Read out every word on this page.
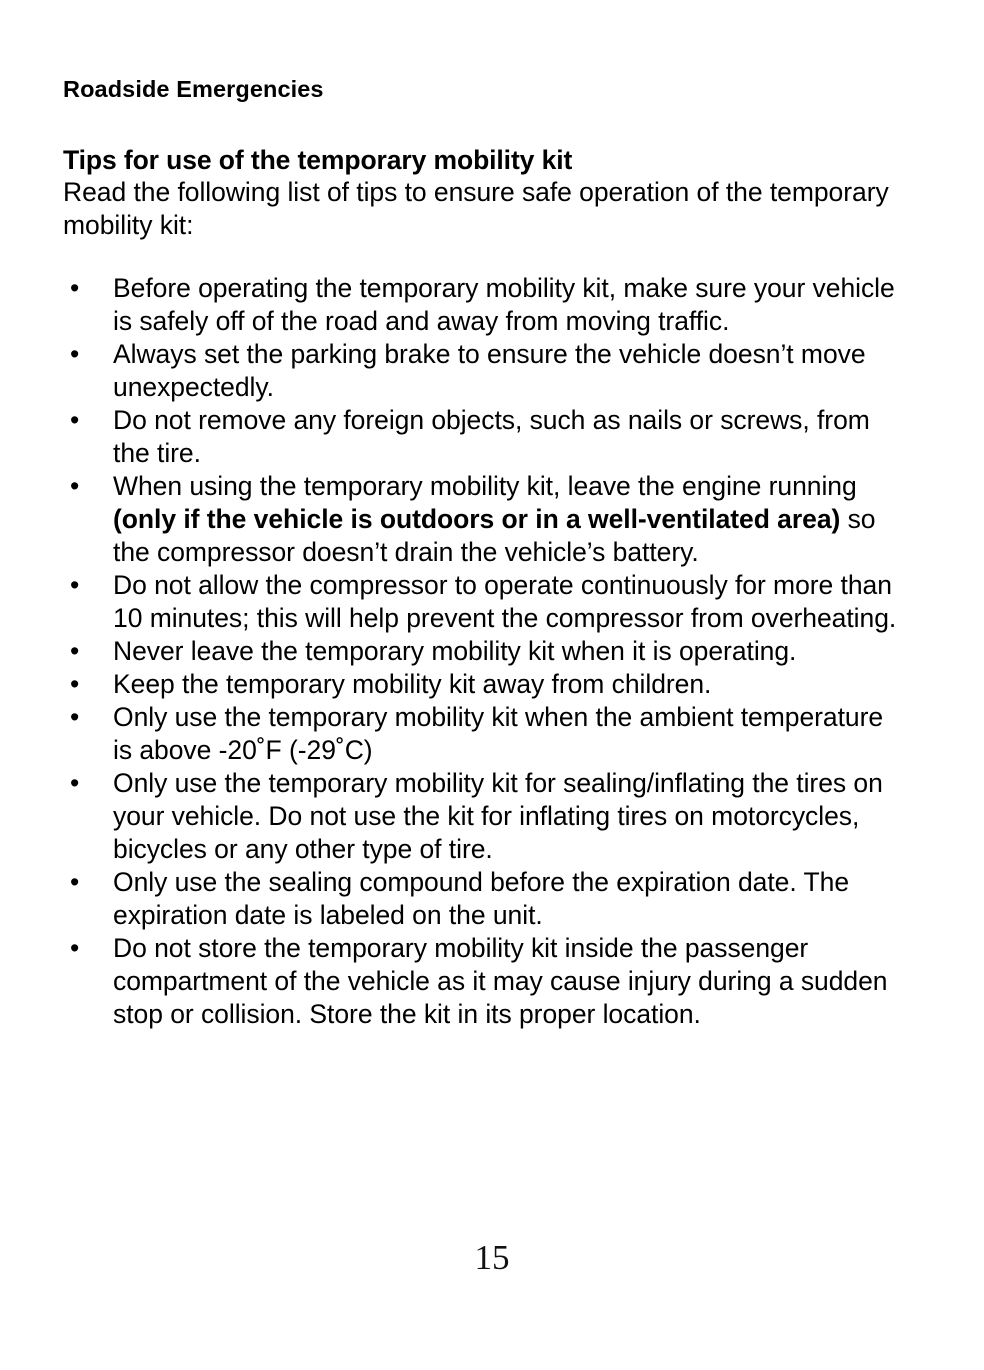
Roadside Emergencies
Tips for use of the temporary mobility kit

Read the following list of tips to ensure safe operation of the temporary mobility kit:

• Before operating the temporary mobility kit, make sure your vehicle is safely off of the road and away from moving traffic.
• Always set the parking brake to ensure the vehicle doesn’t move unexpectedly.
• Do not remove any foreign objects, such as nails or screws, from the tire.
• When using the temporary mobility kit, leave the engine running (only if the vehicle is outdoors or in a well-ventilated area) so the compressor doesn’t drain the vehicle’s battery.
• Do not allow the compressor to operate continuously for more than 10 minutes; this will help prevent the compressor from overheating.
• Never leave the temporary mobility kit when it is operating.
• Keep the temporary mobility kit away from children.
• Only use the temporary mobility kit when the ambient temperature is above -20˚F (-29˚C)
• Only use the temporary mobility kit for sealing/inflating the tires on your vehicle. Do not use the kit for inflating tires on motorcycles, bicycles or any other type of tire.
• Only use the sealing compound before the expiration date. The expiration date is labeled on the unit.
• Do not store the temporary mobility kit inside the passenger compartment of the vehicle as it may cause injury during a sudden stop or collision. Store the kit in its proper location.
15
